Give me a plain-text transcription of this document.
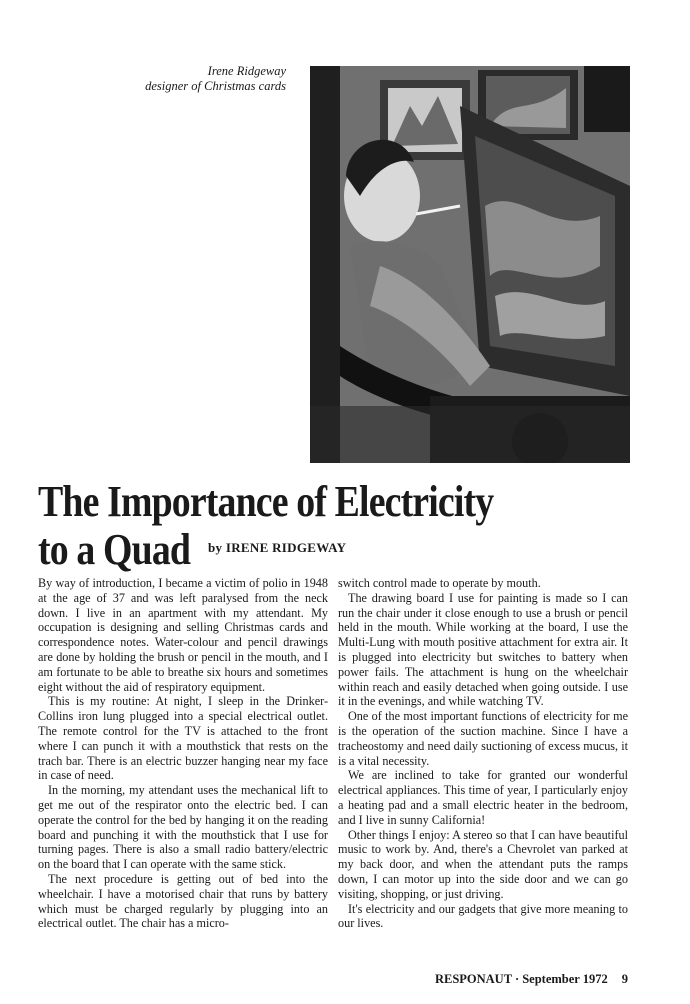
Irene Ridgeway
designer of Christmas cards
The Importance of Electricity
to a Quad	by IRENE RIDGEWAY

By way of introduction, I became a victim of polio in 1948 at the age of 37 and was left paralysed from the neck down. I live in an apartment with my attendant. My occupation is designing and selling Christmas cards and correspondence notes. Water-colour and pencil drawings are done by holding the brush or pencil in the mouth, and I am fortunate to be able to breathe six hours and sometimes eight without the aid of respiratory equipment.

This is my routine: At night, I sleep in the Drinker-Collins iron lung plugged into a special electrical outlet. The remote control for the TV is attached to the front where I can punch it with a mouthstick that rests on the trach bar. There is an electric buzzer hanging near my face in case of need.

In the morning, my attendant uses the mechanical lift to get me out of the respirator onto the electric bed. I can operate the control for the bed by hanging it on the reading board and punching it with the mouthstick that I use for turning pages. There is also a small radio battery/electric on the board that I can operate with the same stick.

The next procedure is getting out of bed into the wheelchair. I have a motorised chair that runs by battery which must be charged regularly by plugging into an electrical outlet. The chair has a micro-

switch control made to operate by mouth.

The drawing board I use for painting is made so I can run the chair under it close enough to use a brush or pencil held in the mouth. While working at the board, I use the Multi-Lung with mouth positive attachment for extra air. It is plugged into electricity but switches to battery when power fails. The attachment is hung on the wheelchair within reach and easily detached when going outside. I use it in the evenings, and while watching TV.

One of the most important functions of electricity for me is the operation of the suction machine. Since I have a tracheostomy and need daily suctioning of excess mucus, it is a vital necessity.

We are inclined to take for granted our wonderful electrical appliances. This time of year, I particularly enjoy a heating pad and a small electric heater in the bedroom, and I live in sunny California!

Other things I enjoy: A stereo so that I can have beautiful music to work by. And, there's a Chevrolet van parked at my back door, and when the attendant puts the ramps down, I can motor up into the side door and we can go visiting, shopping, or just driving.

It's electricity and our gadgets that give more meaning to our lives.

RESPONAUT · September 1972 9
